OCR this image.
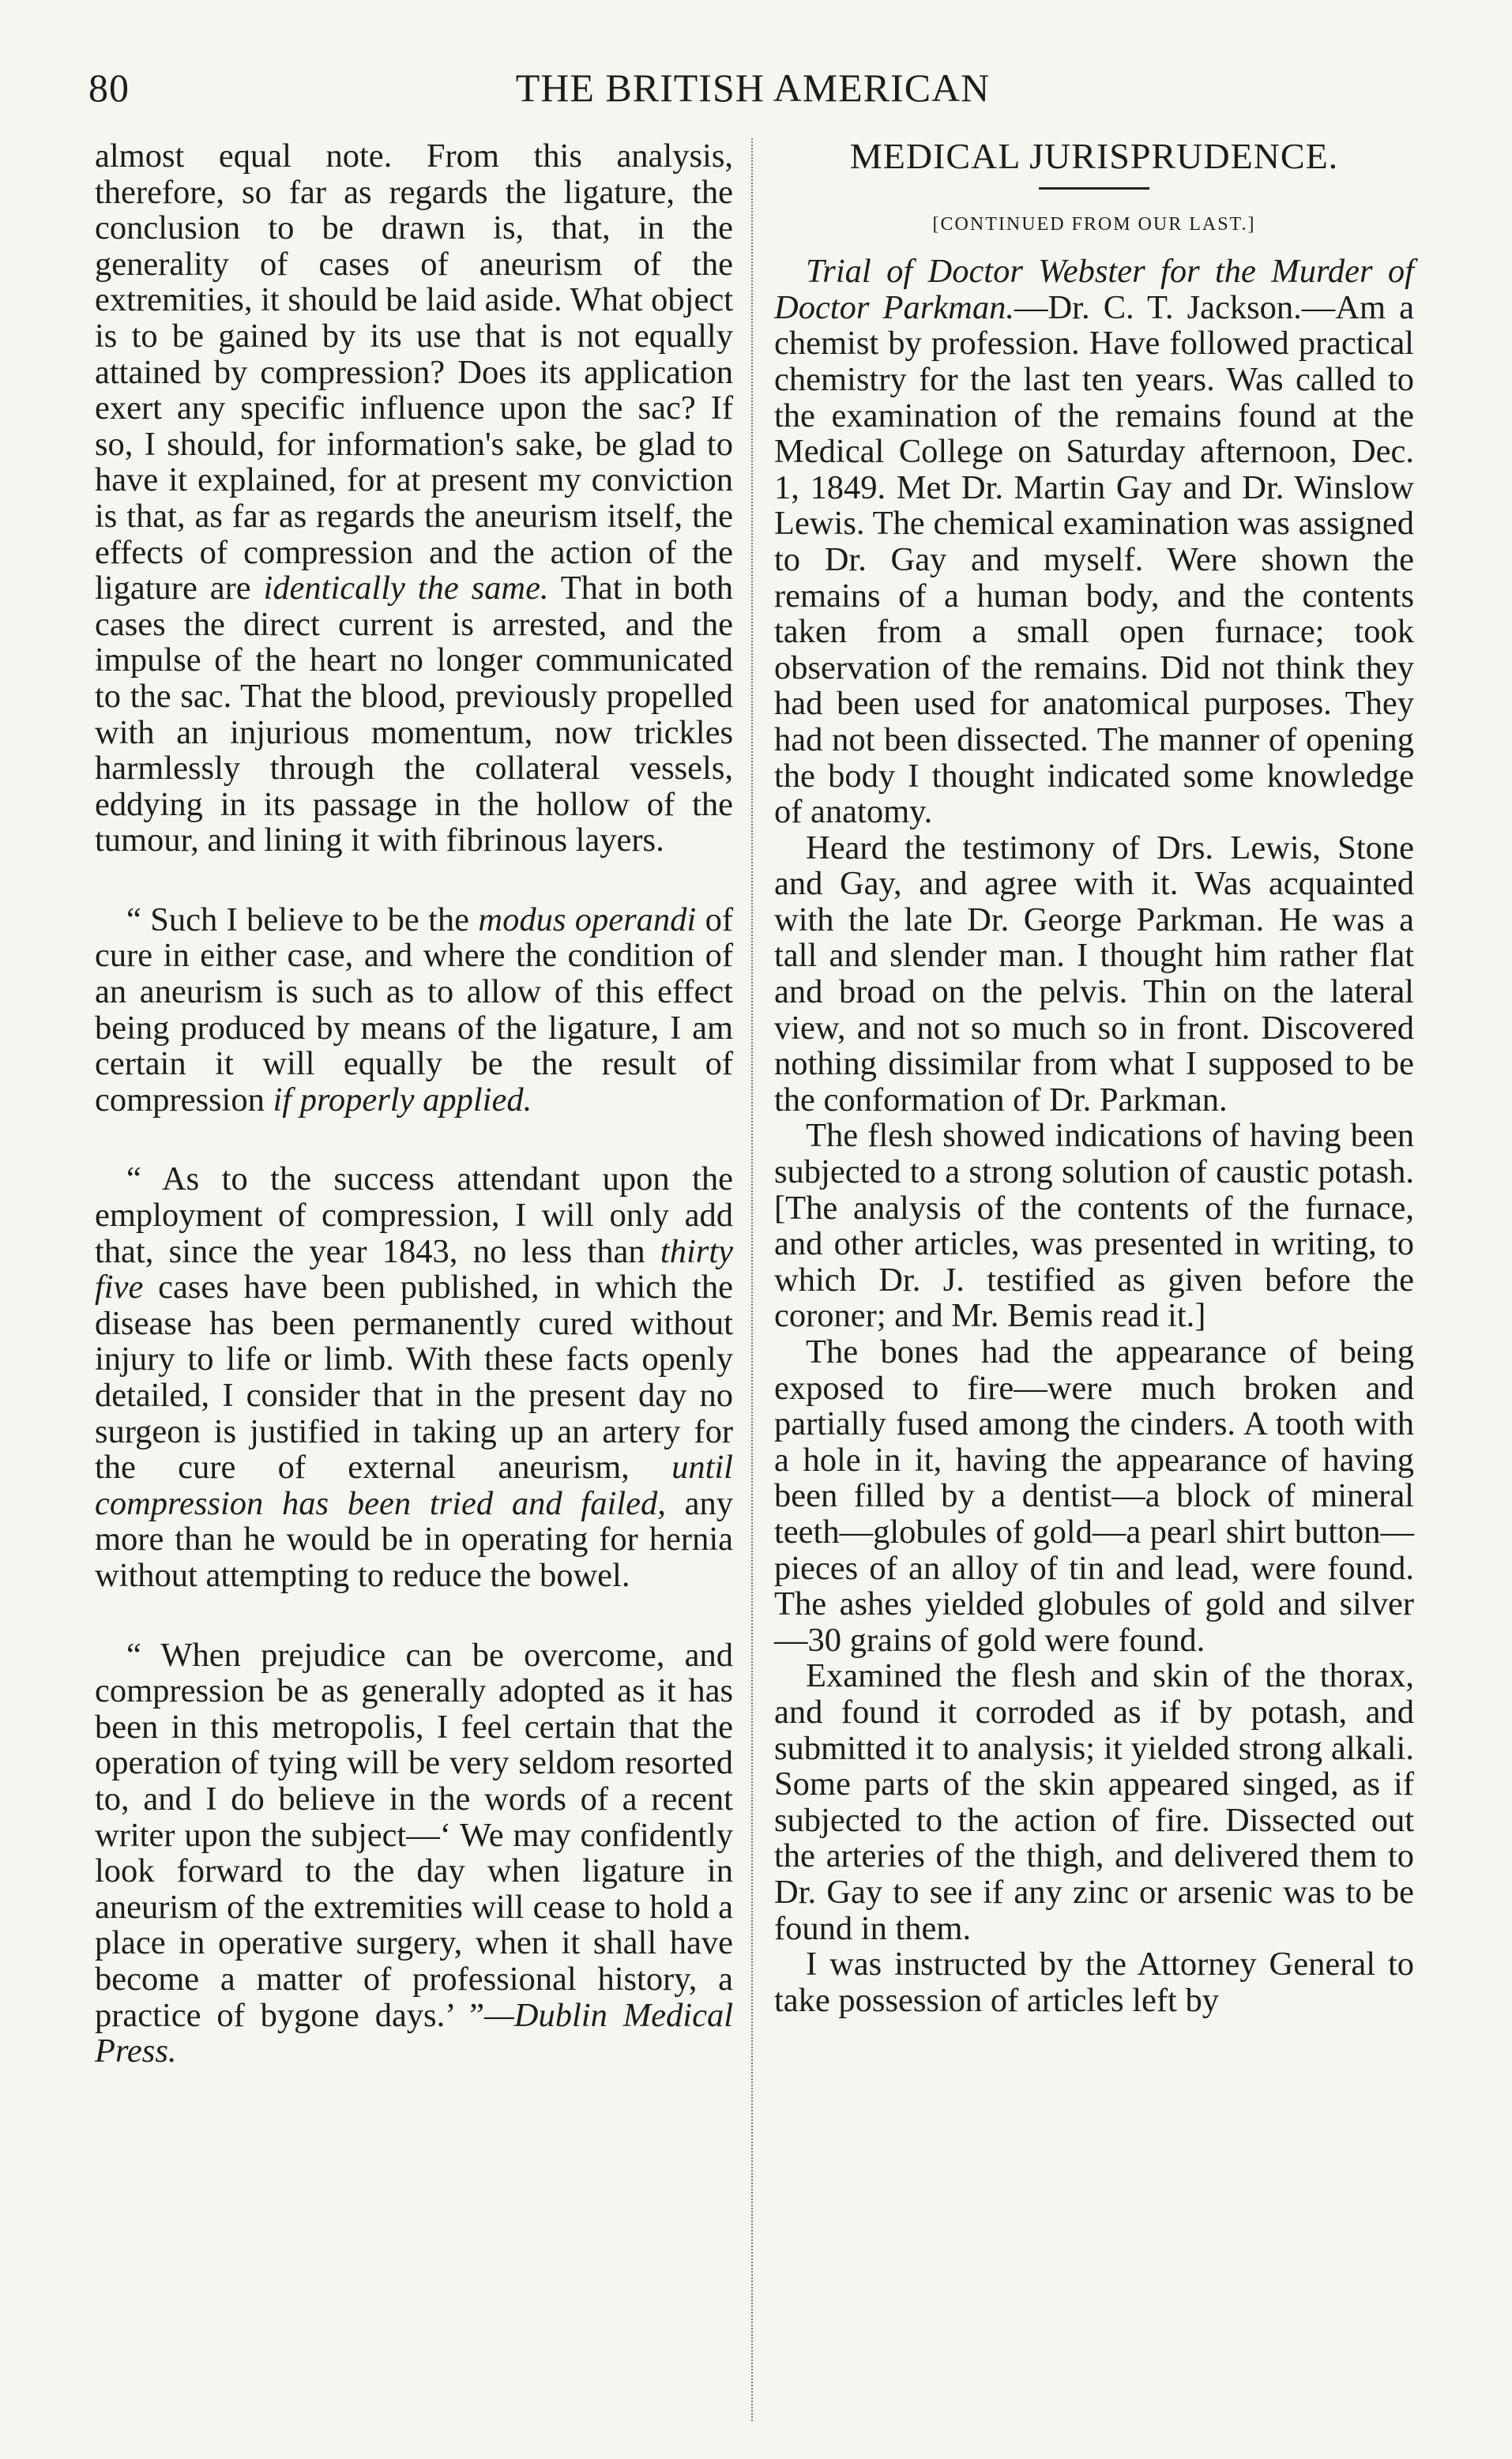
80	THE BRITISH AMERICAN

almost equal note. From this analysis, therefore, so far as regards the ligature, the conclusion to be drawn is, that, in the generality of cases of aneurism of the extremities, it should be laid aside. What object is to be gained by its use that is not equally attained by compression? Does its application exert any specific influence upon the sac? If so, I should, for information's sake, be glad to have it explained, for at present my conviction is that, as far as regards the aneurism itself, the effects of compression and the action of the ligature are identically the same. That in both cases the direct current is arrested, and the impulse of the heart no longer communicated to the sac. That the blood, previously propelled with an injurious momentum, now trickles harmlessly through the collateral vessels, eddying in its passage in the hollow of the tumour, and lining it with fibrinous layers.

“ Such I believe to be the modus operandi of cure in either case, and where the condition of an aneurism is such as to allow of this effect being produced by means of the ligature, I am certain it will equally be the result of compression if properly applied.

“ As to the success attendant upon the employment of compression, I will only add that, since the year 1843, no less than thirty five cases have been published, in which the disease has been permanently cured without injury to life or limb. With these facts openly detailed, I consider that in the present day no surgeon is justified in taking up an artery for the cure of external aneurism, until compression has been tried and failed, any more than he would be in operating for hernia without attempting to reduce the bowel.

“ When prejudice can be overcome, and compression be as generally adopted as it has been in this metropolis, I feel certain that the operation of tying will be very seldom resorted to, and I do believe in the words of a recent writer upon the subject—‘ We may confidently look forward to the day when ligature in aneurism of the extremities will cease to hold a place in operative surgery, when it shall have become a matter of professional history, a practice of bygone days.’ ”—Dublin Medical Press.

MEDICAL JURISPRUDENCE.
[CONTINUED FROM OUR LAST.]

Trial of Doctor Webster for the Murder of Doctor Parkman.—Dr. C. T. Jackson.—Am a chemist by profession. Have followed practical chemistry for the last ten years. Was called to the examination of the remains found at the Medical College on Saturday afternoon, Dec. 1, 1849. Met Dr. Martin Gay and Dr. Winslow Lewis. The chemical examination was assigned to Dr. Gay and myself. Were shown the remains of a human body, and the contents taken from a small open furnace; took observation of the remains. Did not think they had been used for anatomical purposes. They had not been dissected. The manner of opening the body I thought indicated some knowledge of anatomy.

Heard the testimony of Drs. Lewis, Stone and Gay, and agree with it. Was acquainted with the late Dr. George Parkman. He was a tall and slender man. I thought him rather flat and broad on the pelvis. Thin on the lateral view, and not so much so in front. Discovered nothing dissimilar from what I supposed to be the conformation of Dr. Parkman.

The flesh showed indications of having been subjected to a strong solution of caustic potash. [The analysis of the contents of the furnace, and other articles, was presented in writing, to which Dr. J. testified as given before the coroner; and Mr. Bemis read it.]

The bones had the appearance of being exposed to fire—were much broken and partially fused among the cinders. A tooth with a hole in it, having the appearance of having been filled by a dentist—a block of mineral teeth—globules of gold—a pearl shirt button—pieces of an alloy of tin and lead, were found. The ashes yielded globules of gold and silver—30 grains of gold were found.

Examined the flesh and skin of the thorax, and found it corroded as if by potash, and submitted it to analysis; it yielded strong alkali. Some parts of the skin appeared singed, as if subjected to the action of fire. Dissected out the arteries of the thigh, and delivered them to Dr. Gay to see if any zinc or arsenic was to be found in them.

I was instructed by the Attorney General to take possession of articles left by
